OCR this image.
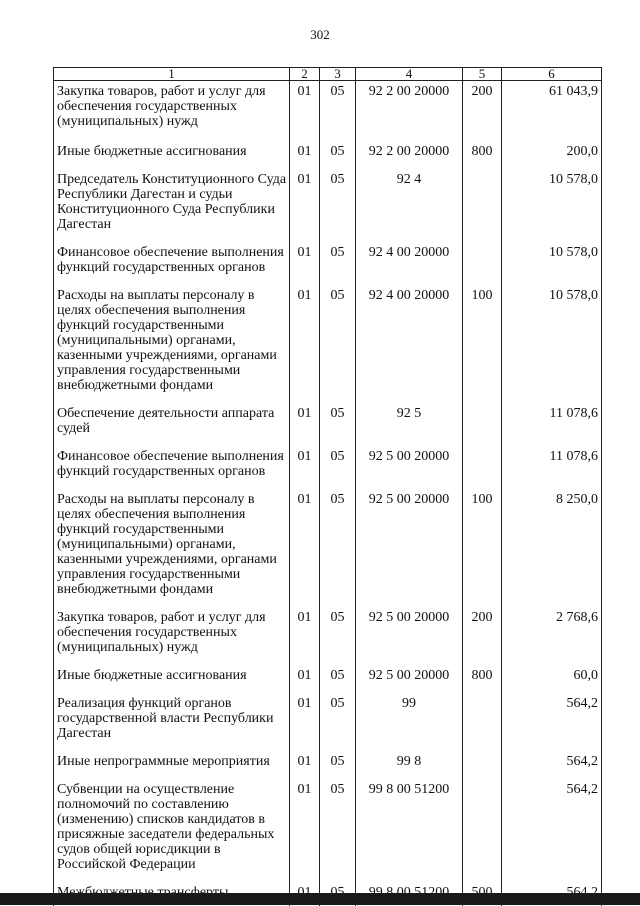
302
1	2	3	4	5	6
Закупка товаров, работ и услуг для обеспечения государственных (муниципальных) нужд	01	05	92 2 00 20000	200	61 043,9
Иные бюджетные ассигнования	01	05	92 2 00 20000	800	200,0
Председатель Конституционного Суда Республики Дагестан и судьи Конституционного Суда Республики Дагестан	01	05	92 4		10 578,0
Финансовое обеспечение выполнения функций государственных органов	01	05	92 4 00 20000		10 578,0
Расходы на выплаты персоналу в целях обеспечения выполнения функций государственными (муниципальными) органами, казенными учреждениями, органами управления государственными внебюджетными фондами	01	05	92 4 00 20000	100	10 578,0
Обеспечение деятельности аппарата судей	01	05	92 5		11 078,6
Финансовое обеспечение выполнения функций государственных органов	01	05	92 5 00 20000		11 078,6
Расходы на выплаты персоналу в целях обеспечения выполнения функций государственными (муниципальными) органами, казенными учреждениями, органами управления государственными внебюджетными фондами	01	05	92 5 00 20000	100	8 250,0
Закупка товаров, работ и услуг для обеспечения государственных (муниципальных) нужд	01	05	92 5 00 20000	200	2 768,6
Иные бюджетные ассигнования	01	05	92 5 00 20000	800	60,0
Реализация функций органов государственной власти Республики Дагестан	01	05	99		564,2
Иные непрограммные мероприятия	01	05	99 8		564,2
Субвенции на осуществление полномочий по составлению (изменению) списков кандидатов в присяжные заседатели федеральных судов общей юрисдикции в Российской Федерации	01	05	99 8 00 51200		564,2
